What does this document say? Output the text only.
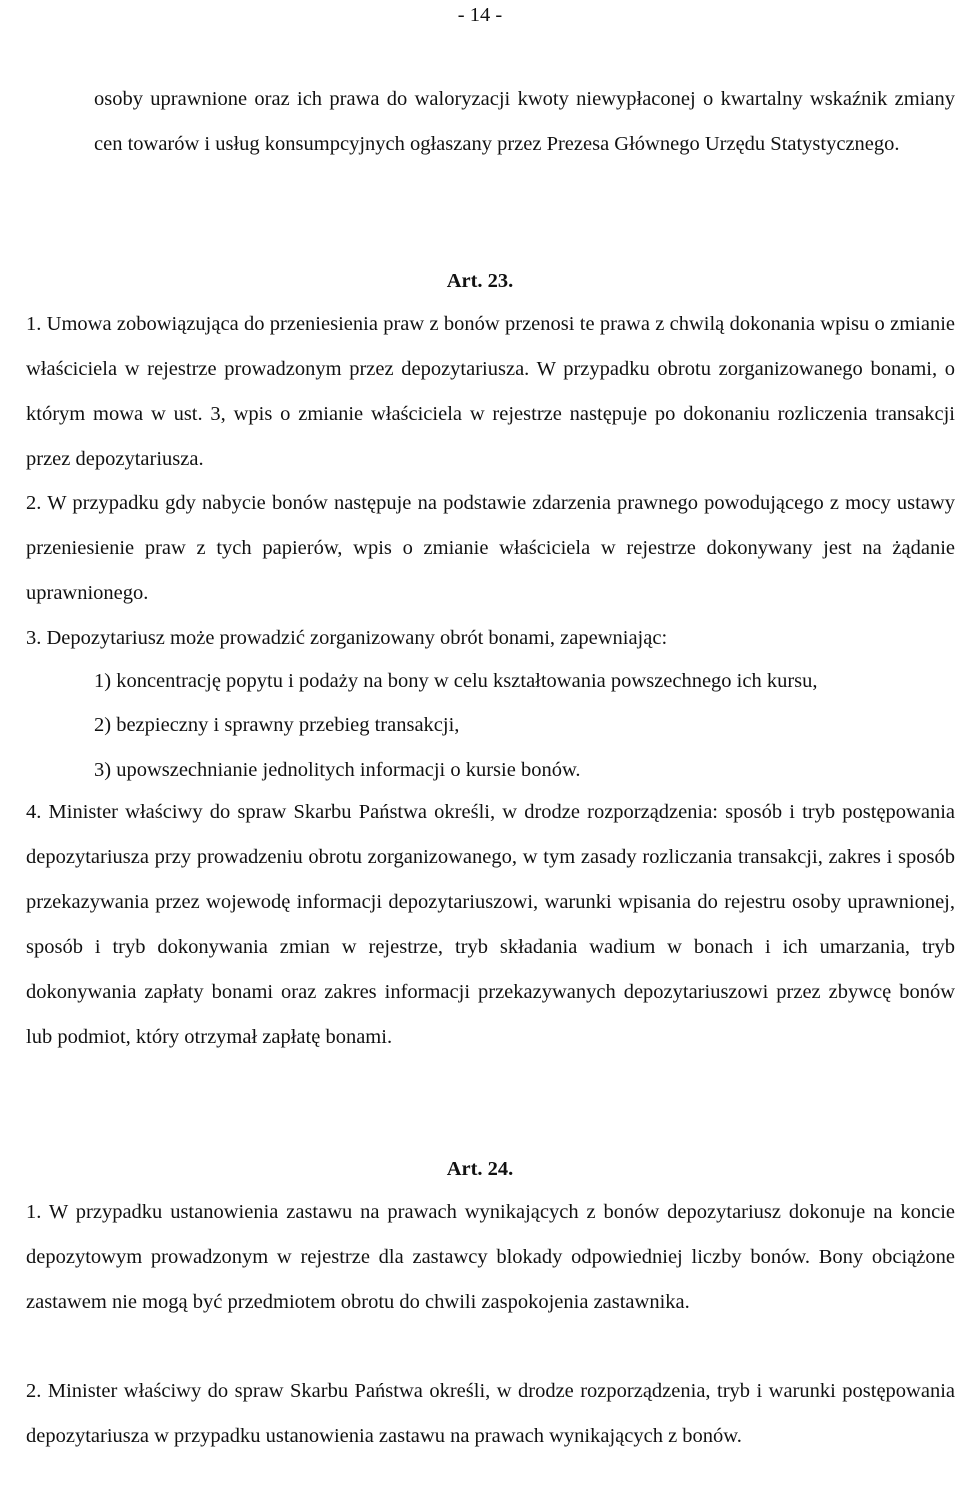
- 14 -

osoby uprawnione oraz ich prawa do waloryzacji kwoty niewypłaconej o kwartalny wskaźnik zmiany cen towarów i usług konsumpcyjnych ogłaszany przez Prezesa Głównego Urzędu Statystycznego.

Art. 23.

1. Umowa zobowiązująca do przeniesienia praw z bonów przenosi te prawa z chwilą dokonania wpisu o zmianie właściciela w rejestrze prowadzonym przez depozytariusza. W przypadku obrotu zorganizowanego bonami, o którym mowa w ust. 3, wpis o zmianie właściciela w rejestrze następuje po dokonaniu rozliczenia transakcji przez depozytariusza.

2. W przypadku gdy nabycie bonów następuje na podstawie zdarzenia prawnego powodującego z mocy ustawy przeniesienie praw z tych papierów, wpis o zmianie właściciela w rejestrze dokonywany jest na żądanie uprawnionego.

3. Depozytariusz może prowadzić zorganizowany obrót bonami, zapewniając:

1) koncentrację popytu i podaży na bony w celu kształtowania powszechnego ich kursu,
2) bezpieczny i sprawny przebieg transakcji,
3) upowszechnianie jednolitych informacji o kursie bonów.

4. Minister właściwy do spraw Skarbu Państwa określi, w drodze rozporządzenia: sposób i tryb postępowania depozytariusza przy prowadzeniu obrotu zorganizowanego, w tym zasady rozliczania transakcji, zakres i sposób przekazywania przez wojewodę informacji depozytariuszowi, warunki wpisania do rejestru osoby uprawnionej, sposób i tryb dokonywania zmian w rejestrze, tryb składania wadium w bonach i ich umarzania, tryb dokonywania zapłaty bonami oraz zakres informacji przekazywanych depozytariuszowi przez zbywcę bonów lub podmiot, który otrzymał zapłatę bonami.

Art. 24.

1. W przypadku ustanowienia zastawu na prawach wynikających z bonów depozytariusz dokonuje na koncie depozytowym prowadzonym w rejestrze dla zastawcy blokady odpowiedniej liczby bonów. Bony obciążone zastawem nie mogą być przedmiotem obrotu do chwili zaspokojenia zastawnika.

2. Minister właściwy do spraw Skarbu Państwa określi, w drodze rozporządzenia, tryb i warunki postępowania depozytariusza w przypadku ustanowienia zastawu na prawach wynikających z bonów.
